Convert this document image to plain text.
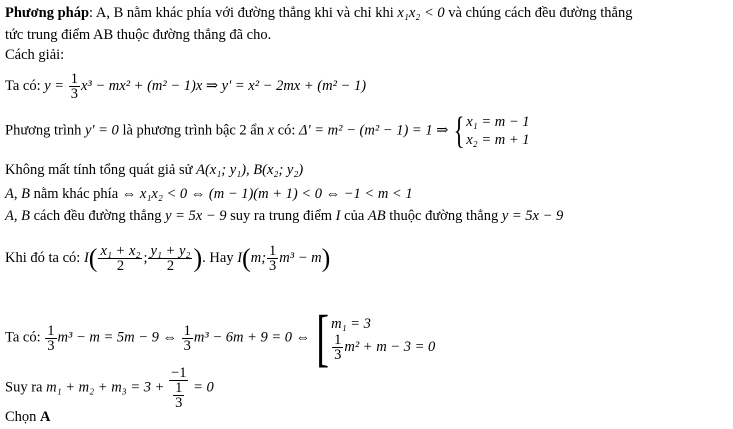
Phương pháp: A, B nằm khác phía với đường thẳng khi và chỉ khi x₁x₂ < 0 và chúng cách đều đường thẳng
tức trung điểm AB thuộc đường thẳng đã cho.
Cách giải:
Ta có: $y = \frac{1}{3} x^3 - mx^2 + (m^2 - 1)x$ ⇒ y' = x² − 2mx + (m² − 1)
Phương trình y' = 0 là phương trình bậc 2 ẩn x có: Δ' = m² − (m² − 1) = 1 ⇒ { x₁ = m − 1
x₂ = m + 1
Không mất tính tổng quát giả sử A(x₁; y₁), B(x₂; y₂)
A, B nằm khác phía ⇔ x₁x₂ < 0 ⇔ (m − 1)(m + 1) < 0 ⇔ −1 < m < 1
A, B cách đều đường thẳng y = 5x − 9 suy ra trung điểm I của AB thuộc đường thẳng y = 5x − 9
Khi đó ta có: $I( \frac{\text{x₁ + x₂}}{2}$ ; $\frac{\text{y₁ + y₂}}{2}$ ). Hay I(m; $\frac{1}{3} m^3 - m$)
Ta có: $\frac{1}{3} m^3 - m = 5m - 9$ ⇔ $\frac{1}{3} m^3 - 6m + 9 = 0$ ⇔ [ m₁ = 3
$\frac{1}{3} m^2 + m - 3 = 0$
Suy ra $m_1 + m_2 + m_3 = 3 + \frac{-1}{\frac{1}{3}} = 0$
Chọn A
